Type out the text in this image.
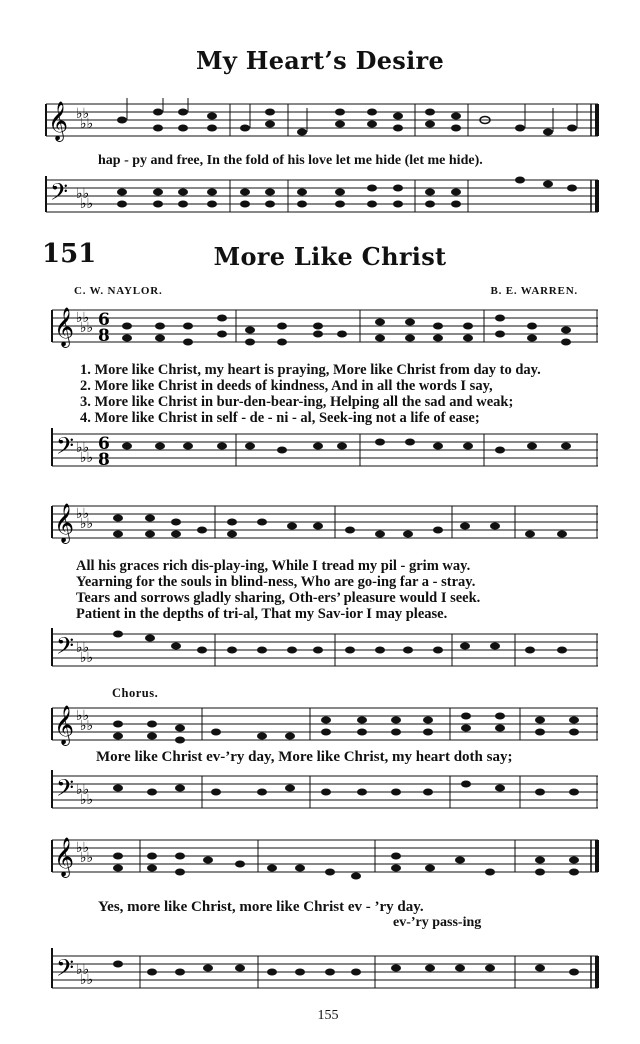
My Heart’s Desire
𝄞 ♭♭
♭♭
hap - py and free, In the fold of his love let me hide (let me hide).
𝄢 ♭♭
♭♭
151	More Like Christ
C. W. NAYLOR.	B. E. WARREN.
𝄞 ♭♭
♭♭ 6
8
1. More like Christ, my heart is praying, More like Christ from day to day.
2. More like Christ in deeds of kindness, And in all the words I say,
3. More like Christ in bur-den-bear-ing, Helping all the sad and weak;
4. More like Christ in self - de - ni - al, Seek-ing not a life of ease;
𝄢 ♭♭
♭♭
6
8
𝄞 ♭♭
♭♭
All his graces rich dis-play-ing, While I tread my pil - grim way.
Yearning for the souls in blind-ness, Who are go-ing far a - stray.
Tears and sorrows gladly sharing, Oth-ers’ pleasure would I seek.
Patient in the depths of tri-al, That my Sav-ior I may please.
𝄢 ♭♭
♭♭
Chorus.
𝄞 ♭♭
♭♭
More like Christ ev-’ry day, More like Christ, my heart doth say;
𝄢 ♭♭
♭♭
𝄞 ♭♭
♭♭
Yes, more like Christ, more like Christ ev - ’ry day.
ev-’ry pass-ing
𝄢 ♭♭
♭♭
155
